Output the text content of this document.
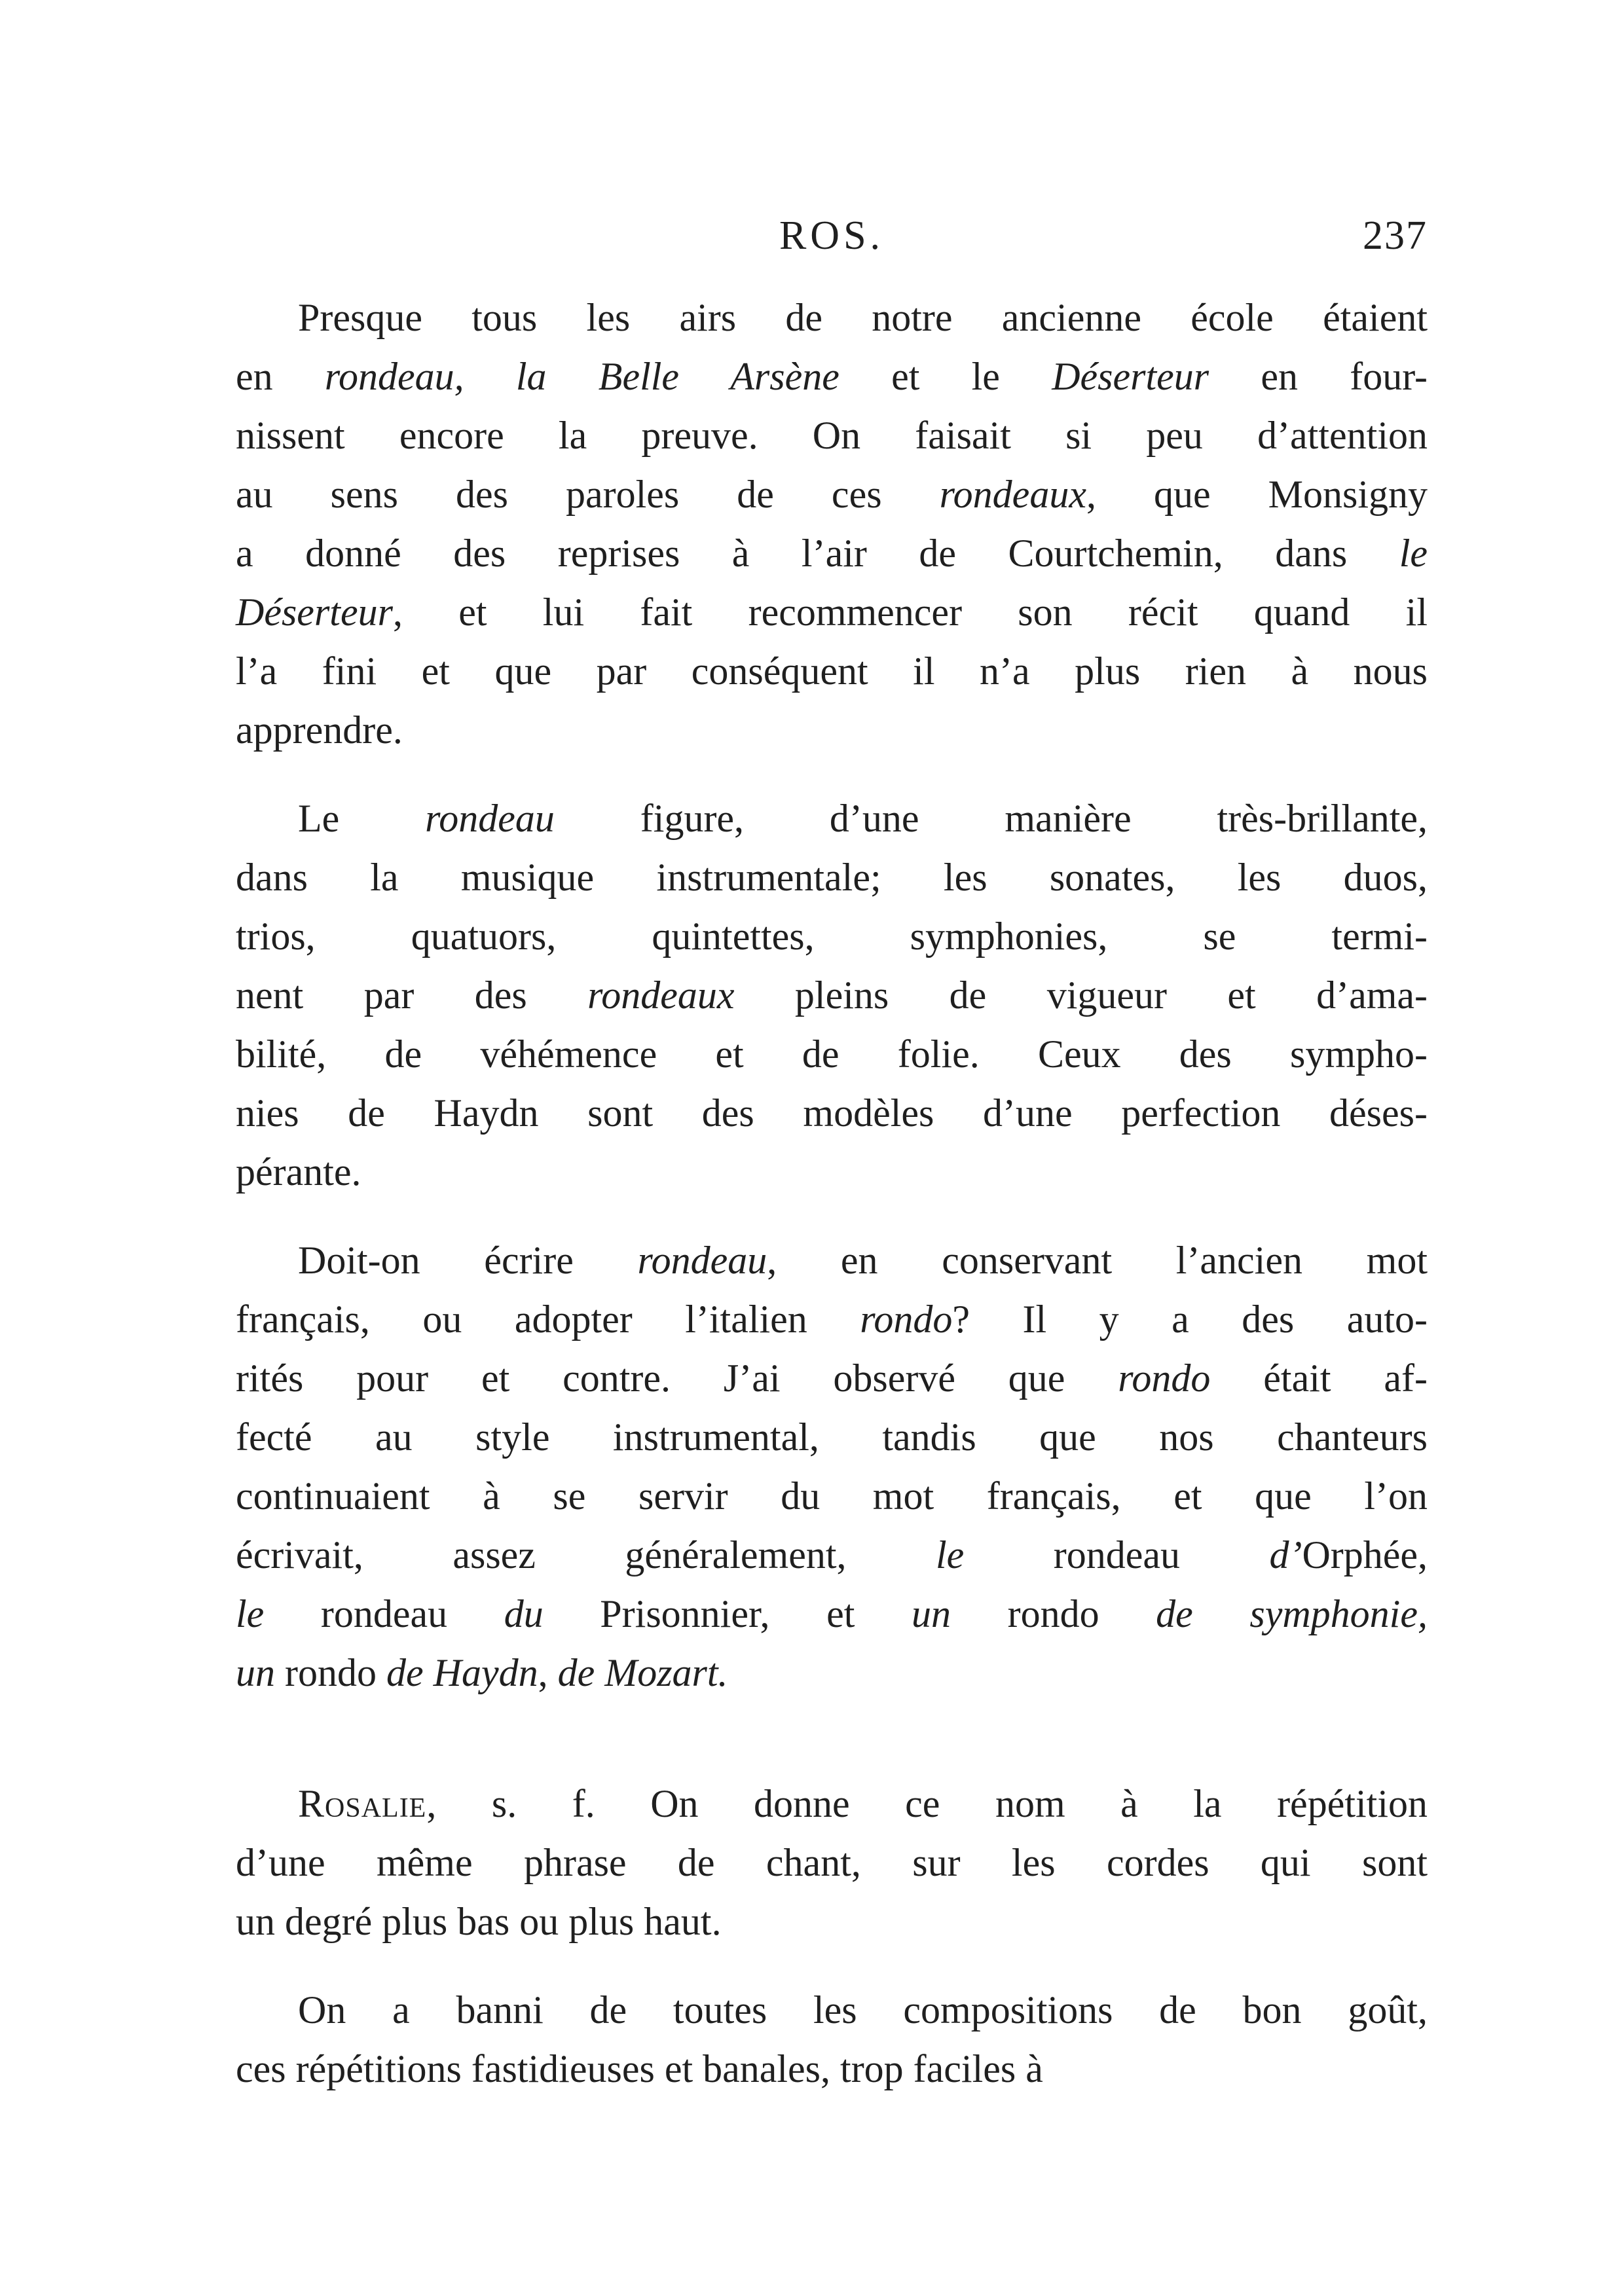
ROS.	237
Presque tous les airs de notre ancienne école étaient
en rondeau, la Belle Arsène et le Déserteur en four-
nissent encore la preuve. On faisait si peu d’attention
au sens des paroles de ces rondeaux, que Monsigny
a donné des reprises à l’air de Courtchemin, dans le
Déserteur, et lui fait recommencer son récit quand il
l’a fini et que par conséquent il n’a plus rien à nous
apprendre.
Le rondeau figure, d’une manière très-brillante,
dans la musique instrumentale; les sonates, les duos,
trios, quatuors, quintettes, symphonies, se termi-
nent par des rondeaux pleins de vigueur et d’ama-
bilité, de véhémence et de folie. Ceux des sympho-
nies de Haydn sont des modèles d’une perfection déses-
pérante.
Doit-on écrire rondeau, en conservant l’ancien mot
français, ou adopter l’italien rondo? Il y a des auto-
rités pour et contre. J’ai observé que rondo était af-
fecté au style instrumental, tandis que nos chanteurs
continuaient à se servir du mot français, et que l’on
écrivait, assez généralement, le rondeau d’Orphée,
le rondeau du Prisonnier, et un rondo de symphonie,
un rondo de Haydn, de Mozart.
Rosalie, s. f. On donne ce nom à la répétition
d’une même phrase de chant, sur les cordes qui sont
un degré plus bas ou plus haut.
On a banni de toutes les compositions de bon goût,
ces répétitions fastidieuses et banales, trop faciles à
